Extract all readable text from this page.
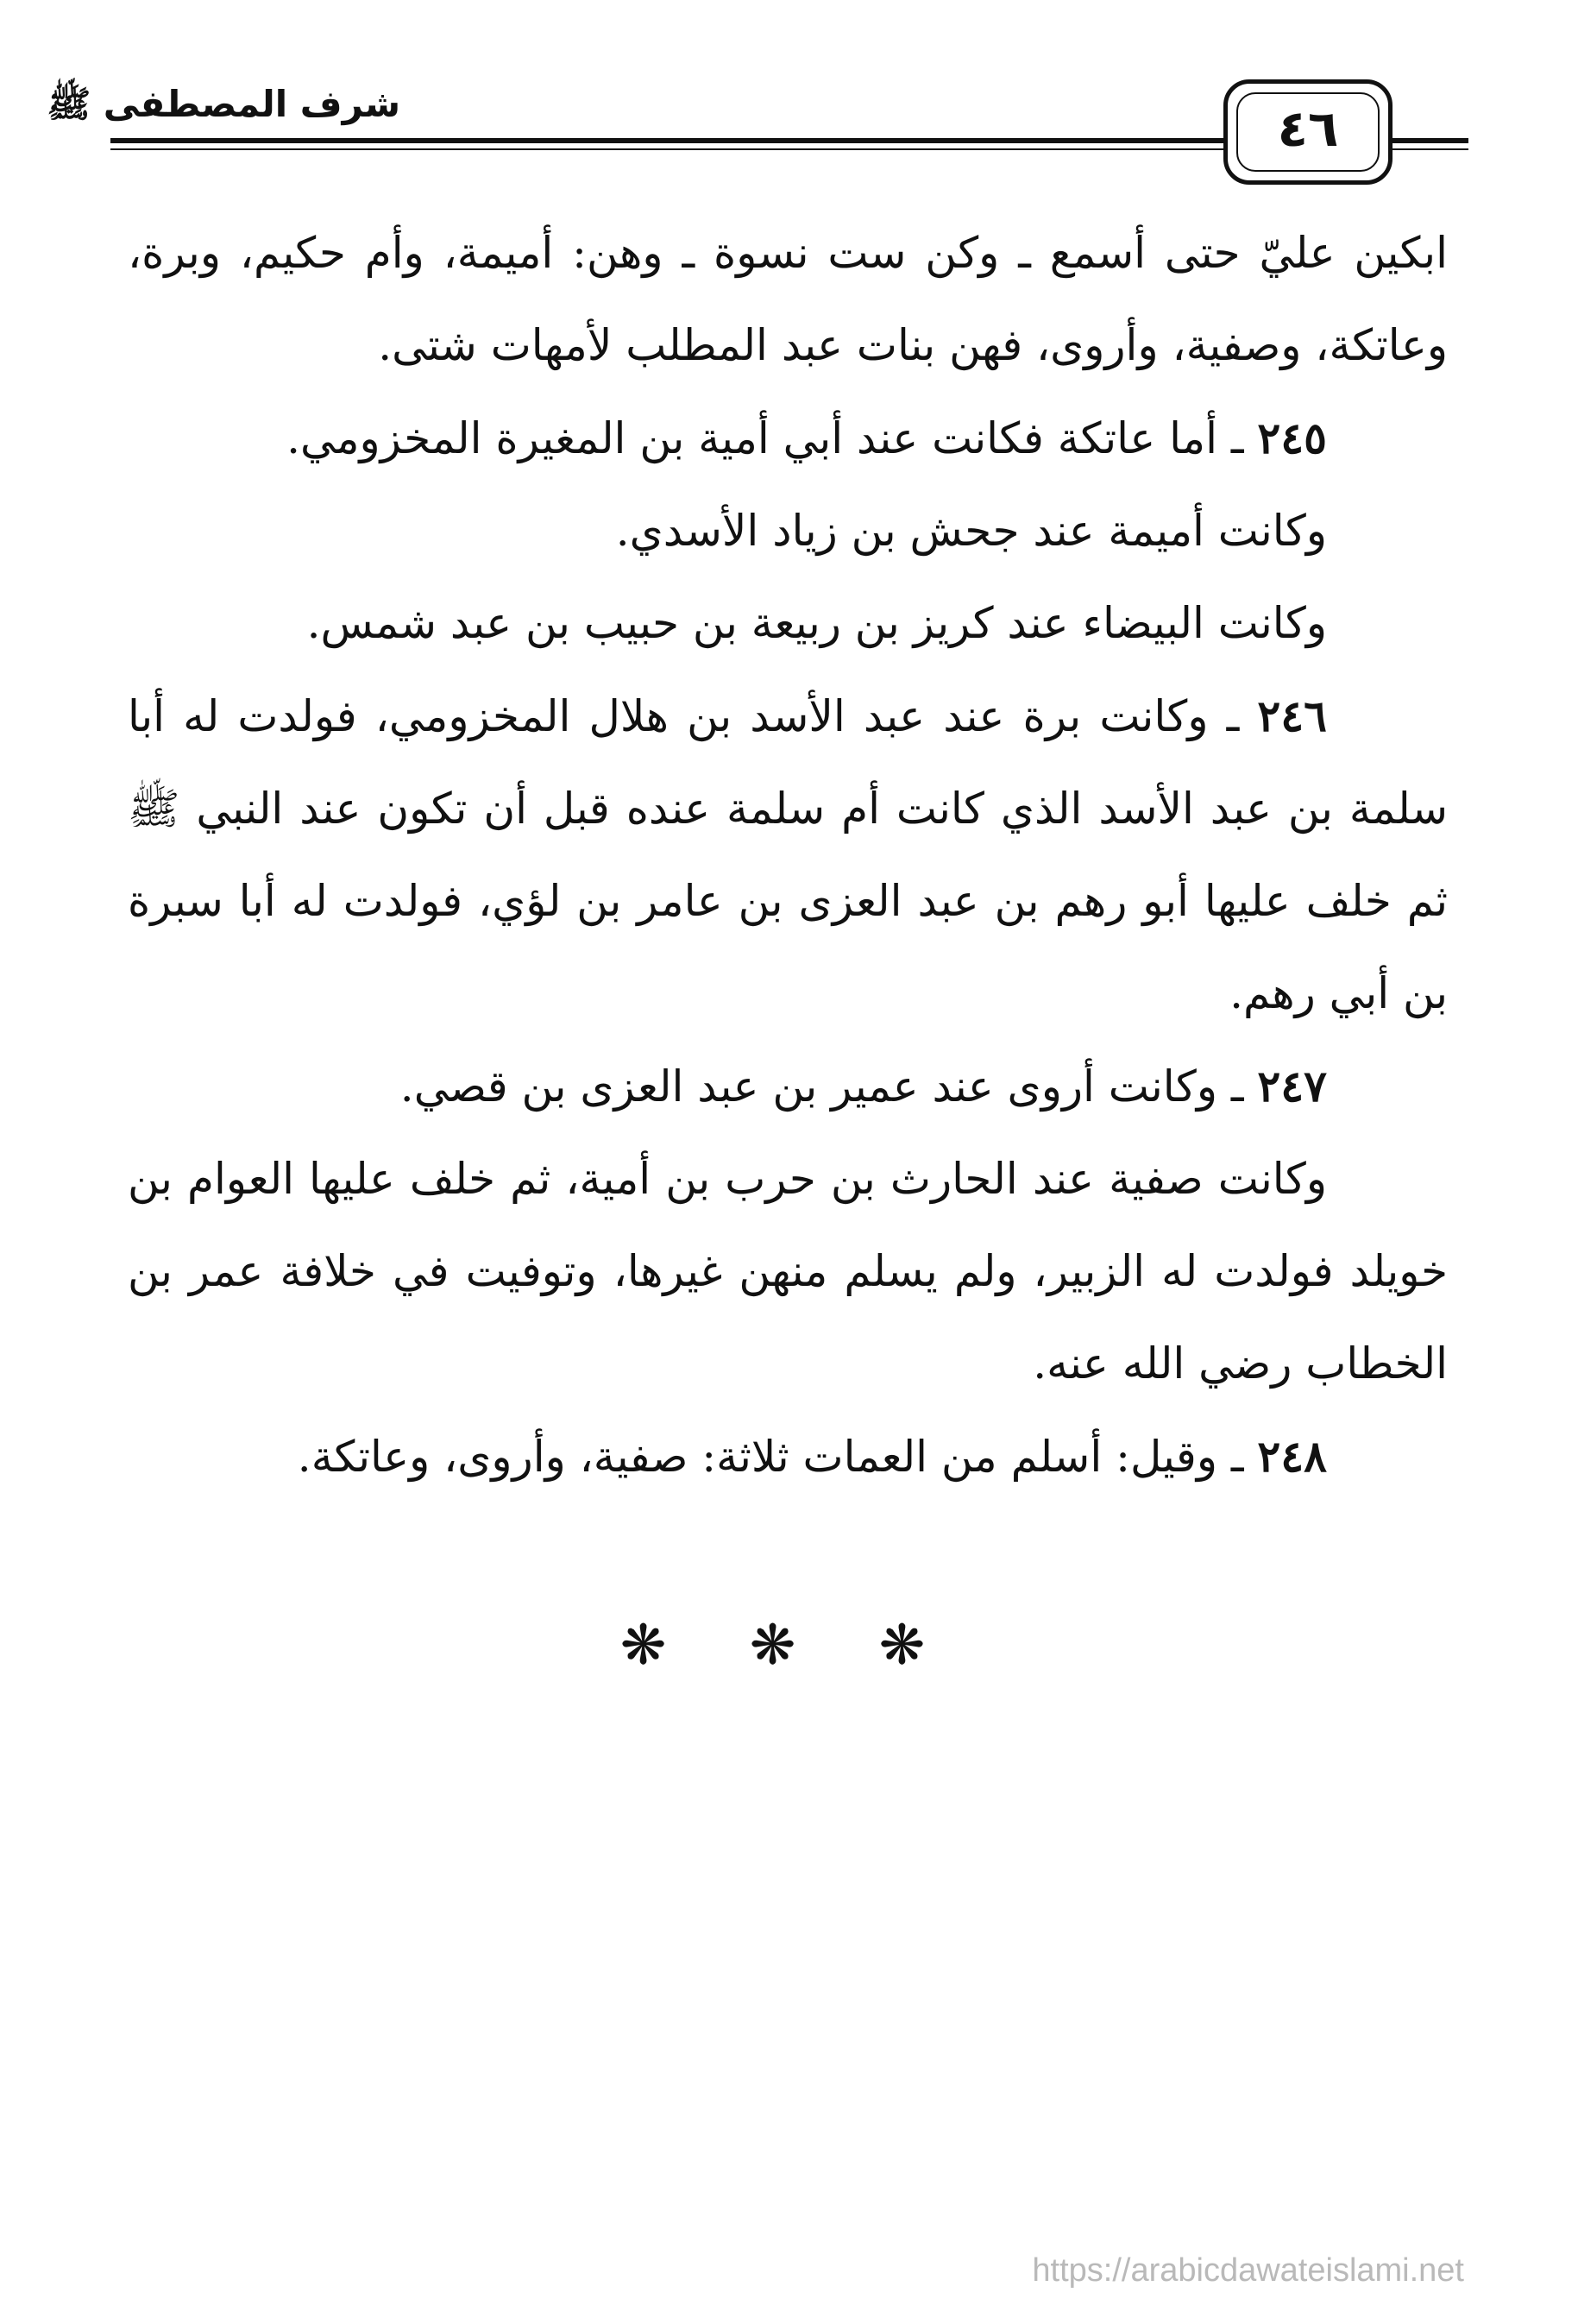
٤٦
شرف المصطفى ﷺ

ابكين عليّ حتى أسمع ـ وكن ست نسوة ـ وهن: أميمة، وأم حكيم، وبرة، وعاتكة، وصفية، وأروى، فهن بنات عبد المطلب لأمهات شتى.

٢٤٥ ـ أما عاتكة فكانت عند أبي أمية بن المغيرة المخزومي.

وكانت أميمة عند جحش بن زياد الأسدي.

وكانت البيضاء عند كريز بن ربيعة بن حبيب بن عبد شمس.

٢٤٦ ـ وكانت برة عند عبد الأسد بن هلال المخزومي، فولدت له أبا سلمة بن عبد الأسد الذي كانت أم سلمة عنده قبل أن تكون عند النبي ﷺ ثم خلف عليها أبو رهم بن عبد العزى بن عامر بن لؤي، فولدت له أبا سبرة بن أبي رهم.

٢٤٧ ـ وكانت أروى عند عمير بن عبد العزى بن قصي.

وكانت صفية عند الحارث بن حرب بن أمية، ثم خلف عليها العوام بن خويلد فولدت له الزبير، ولم يسلم منهن غيرها، وتوفيت في خلافة عمر بن الخطاب رضي الله عنه.

٢٤٨ ـ وقيل: أسلم من العمات ثلاثة: صفية، وأروى، وعاتكة.

❋ ❋ ❋
https://arabicdawateislami.net
